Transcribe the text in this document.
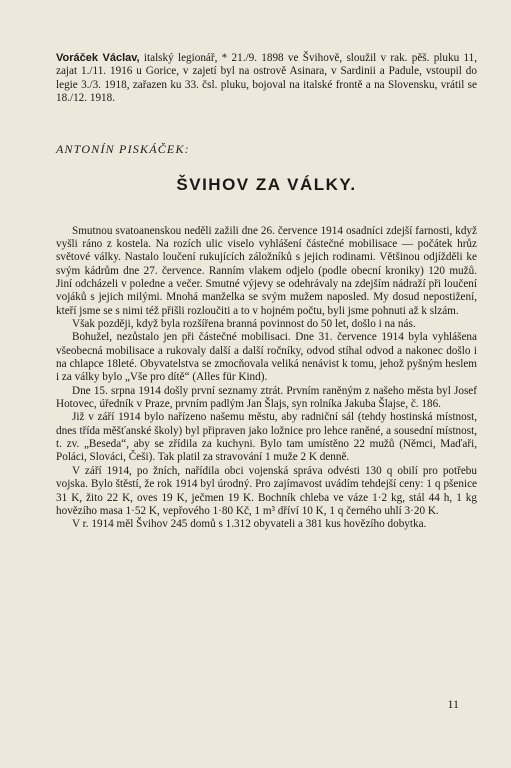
Voráček Václav, italský legionář, * 21./9. 1898 ve Švihově, sloužil v rak. pěš. pluku 11, zajat 1./11. 1916 u Gorice, v zajetí byl na ostrově Asinara, v Sardinii a Padule, vstoupil do legie 3./3. 1918, zařazen ku 33. čsl. pluku, bojoval na italské frontě a na Slovensku, vrátil se 18./12. 1918.

ANTONÍN PISKÁČEK:
ŠVIHOV ZA VÁLKY.

Smutnou svatoanenskou neděli zažili dne 26. července 1914 osadníci zdejší farnosti, když vyšli ráno z kostela. Na rozích ulic viselo vyhlášení částečné mobilisace — počátek hrůz světové války. Nastalo loučení rukujících záložníků s jejich rodinami. Většinou odjížděli ke svým kádrům dne 27. července. Ranním vlakem odjelo (podle obecní kroniky) 120 mužů. Jiní odcházeli v poledne a večer. Smutné výjevy se odehrávaly na zdejším nádraží při loučení vojáků s jejich milými. Mnohá manželka se svým mužem naposled. My dosud nepostižení, kteří jsme se s nimi též přišli rozloučiti a to v hojném počtu, byli jsme pohnuti až k slzám.

Však později, když byla rozšířena branná povinnost do 50 let, došlo i na nás.

Bohužel, nezůstalo jen při částečné mobilisaci. Dne 31. července 1914 byla vyhlášena všeobecná mobilisace a rukovaly další a další ročníky, odvod stíhal odvod a nakonec došlo i na chlapce 18leté. Obyvatelstva se zmocňovala veliká nenávist k tomu, jehož pyšným heslem i za války bylo „Vše pro dítě“ (Alles für Kind).

Dne 15. srpna 1914 došly první seznamy ztrát. Prvním raněným z našeho města byl Josef Hotovec, úředník v Praze, prvním padlým Jan Šlajs, syn rolníka Jakuba Šlajse, č. 186.

Již v září 1914 bylo nařízeno našemu městu, aby radniční sál (tehdy hostinská místnost, dnes třída měšťanské školy) byl připraven jako ložnice pro lehce raněné, a sousední místnost, t. zv. „Beseda“, aby se zřídila za kuchyni. Bylo tam umístěno 22 mužů (Němci, Maďaři, Poláci, Slováci, Češi). Tak platil za stravování 1 muže 2 K denně.

V září 1914, po žních, nařídila obci vojenská správa odvésti 130 q obilí pro potřebu vojska. Bylo štěstí, že rok 1914 byl úrodný. Pro zajímavost uvádím tehdejší ceny: 1 q pšenice 31 K, žito 22 K, oves 19 K, ječmen 19 K. Bochník chleba ve váze 1·2 kg, stál 44 h, 1 kg hovězího masa 1·52 K, vepřového 1·80 Kč, 1 m³ dříví 10 K, 1 q černého uhlí 3·20 K.

V r. 1914 měl Švihov 245 domů s 1.312 obyvateli a 381 kus hovězího dobytka.

11
